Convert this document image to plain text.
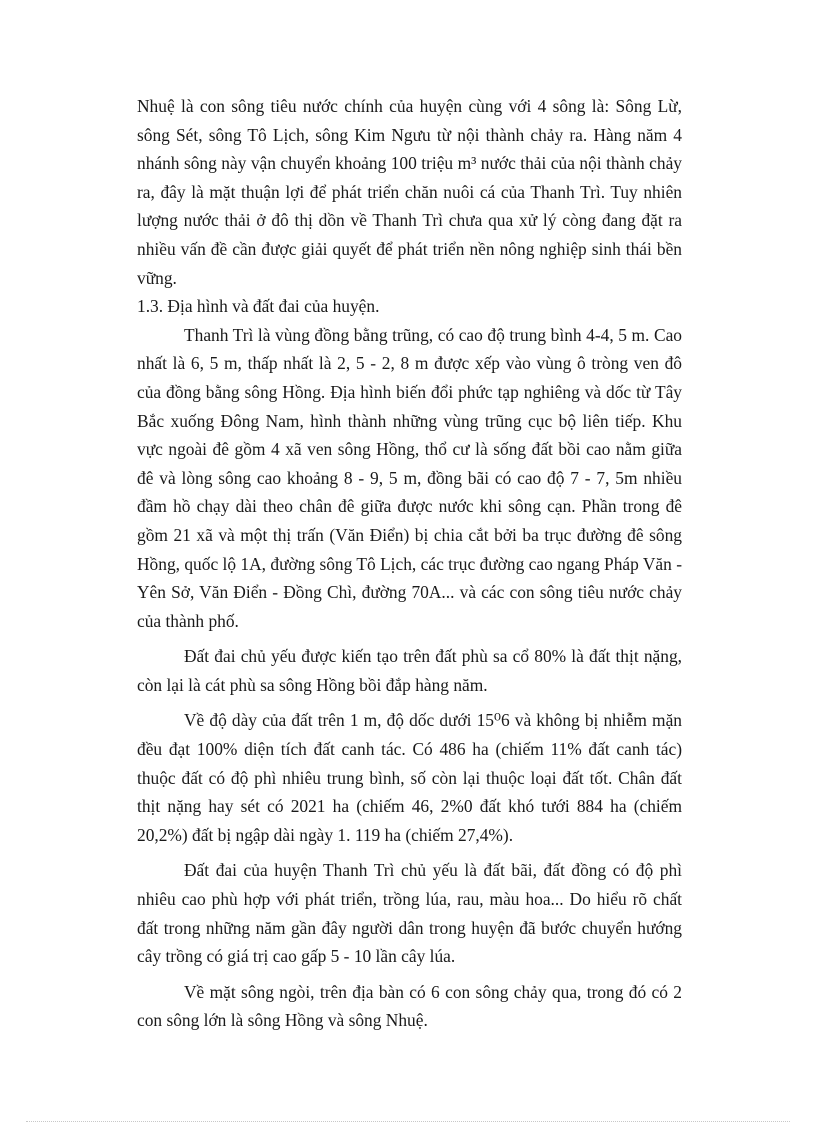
Nhuệ là con sông tiêu nước chính của huyện cùng với 4 sông là: Sông Lừ, sông Sét, sông Tô Lịch, sông Kim Ngưu từ nội thành chảy ra. Hàng năm 4 nhánh sông này vận chuyển khoảng 100 triệu m³ nước thải của nội thành chảy ra, đây là mặt thuận lợi để phát triển chăn nuôi cá của Thanh Trì. Tuy nhiên lượng nước thải ở đô thị dồn về Thanh Trì chưa qua xử lý còng đang đặt ra nhiều vấn đề cần được giải quyết để phát triển nền nông nghiệp sinh thái bền vững.

1.3. Địa hình và đất đai của huyện.

Thanh Trì là vùng đồng bằng trũng, có cao độ trung bình 4-4, 5 m. Cao nhất là 6, 5 m, thấp nhất là 2, 5 - 2, 8 m được xếp vào vùng ô tròng ven đô của đồng bằng sông Hồng. Địa hình biến đổi phức tạp nghiêng và dốc từ Tây Bắc xuống Đông Nam, hình thành những vùng trũng cục bộ liên tiếp. Khu vực ngoài đê gồm 4 xã ven sông Hồng, thổ cư là sống đất bồi cao nằm giữa đê và lòng sông cao khoảng 8 - 9, 5 m, đồng bãi có cao độ 7 - 7, 5m nhiều đầm hồ chạy dài theo chân đê giữa được nước khi sông cạn. Phần trong đê gồm 21 xã và một thị trấn (Văn Điển) bị chia cắt bởi ba trục đường đê sông Hồng, quốc lộ 1A, đường sông Tô Lịch, các trục đường cao ngang Pháp Văn - Yên Sở, Văn Điển - Đồng Chì, đường 70A... và các con sông tiêu nước chảy của thành phố.

Đất đai chủ yếu được kiến tạo trên đất phù sa cổ 80% là đất thịt nặng, còn lại là cát phù sa sông Hồng bồi đắp hàng năm.

Về độ dày của đất trên 1 m, độ dốc dưới 15⁰6 và không bị nhiễm mặn đều đạt 100% diện tích đất canh tác. Có 486 ha (chiếm 11% đất canh tác) thuộc đất có độ phì nhiêu trung bình, số còn lại thuộc loại đất tốt. Chân đất thịt nặng hay sét có 2021 ha (chiếm 46, 2%0 đất khó tưới 884 ha (chiếm 20,2%) đất bị ngập dài ngày 1. 119 ha (chiếm 27,4%).

Đất đai của huyện Thanh Trì chủ yếu là đất bãi, đất đồng có độ phì nhiêu cao phù hợp với phát triển, trồng lúa, rau, màu hoa... Do hiểu rõ chất đất trong những năm gần đây người dân trong huyện đã bước chuyển hướng cây trồng có giá trị cao gấp 5 - 10 lần cây lúa.

Về mặt sông ngòi, trên địa bàn có 6 con sông chảy qua, trong đó có 2 con sông lớn là sông Hồng và sông Nhuệ.
